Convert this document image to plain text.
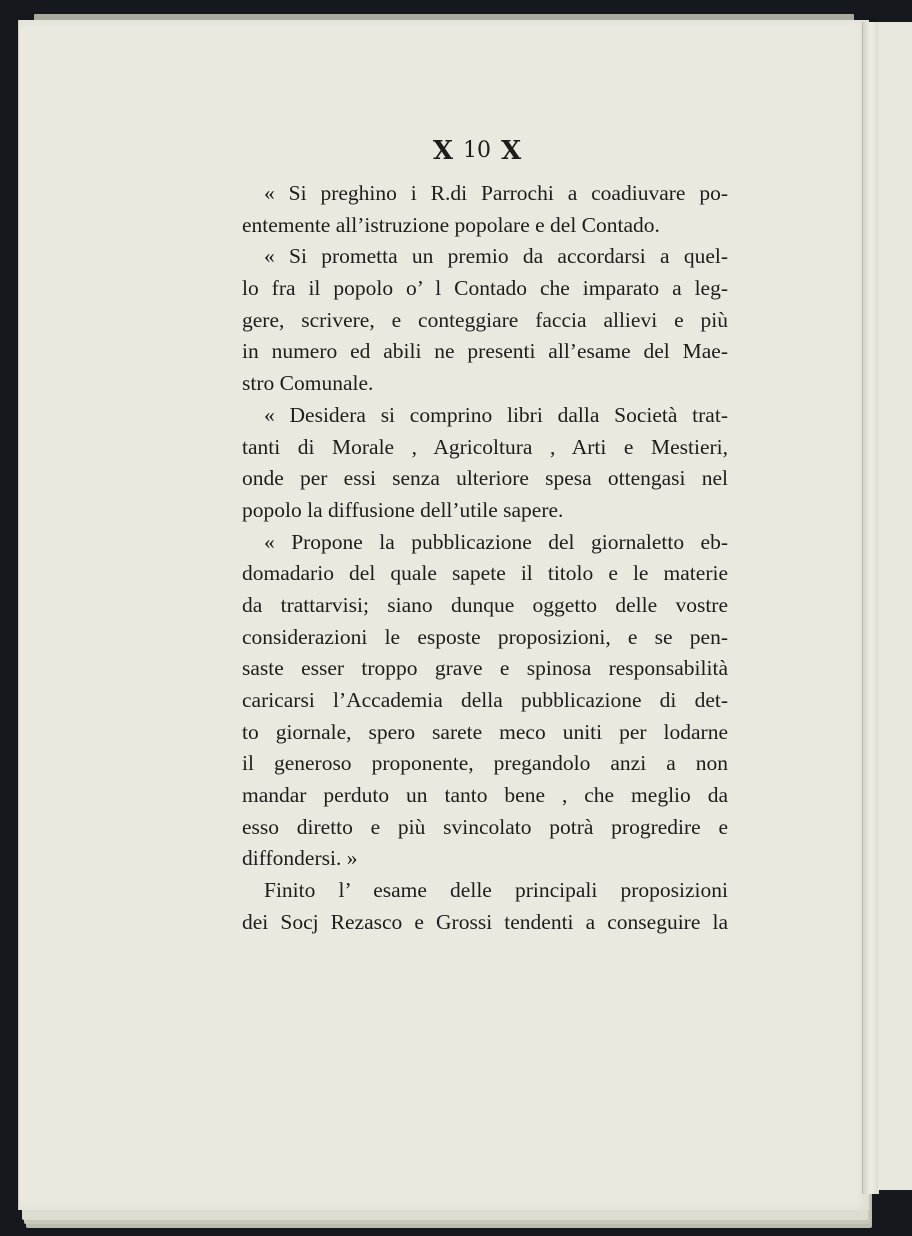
X 10 X
« Si preghino i R.di Parrochi a coadiuvare po-
entemente all’istruzione popolare e del Contado.
« Si prometta un premio da accordarsi a quel-
lo fra il popolo o’ l Contado che imparato a leg-
gere, scrivere, e conteggiare faccia allievi e più
in numero ed abili ne presenti all’esame del Mae-
stro Comunale.
« Desidera si comprino libri dalla Società trat-
tanti di Morale , Agricoltura , Arti e Mestieri,
onde per essi senza ulteriore spesa ottengasi nel
popolo la diffusione dell’utile sapere.
« Propone la pubblicazione del giornaletto eb-
domadario del quale sapete il titolo e le materie
da trattarvisi; siano dunque oggetto delle vostre
considerazioni le esposte proposizioni, e se pen-
saste esser troppo grave e spinosa responsabilità
caricarsi l’Accademia della pubblicazione di det-
to giornale, spero sarete meco uniti per lodarne
il generoso proponente, pregandolo anzi a non
mandar perduto un tanto bene , che meglio da
esso diretto e più svincolato potrà progredire e
diffondersi. »
Finito l’ esame delle principali proposizioni
dei Socj Rezasco e Grossi tendenti a conseguire la
